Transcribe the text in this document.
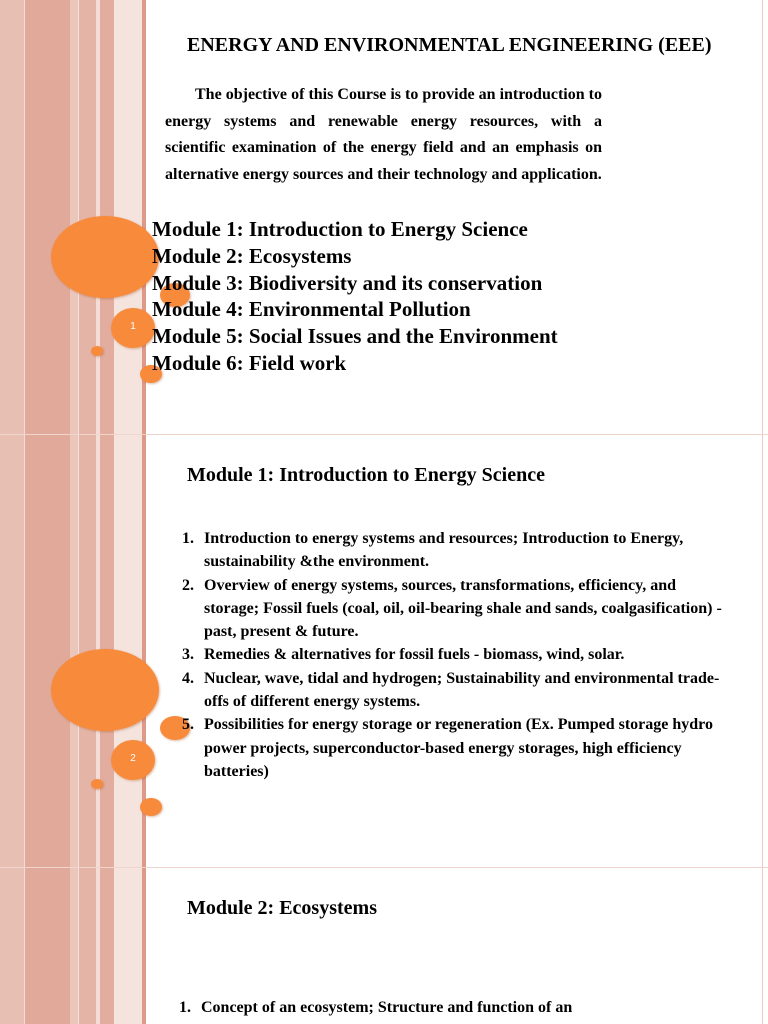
1
ENERGY AND ENVIRONMENTAL ENGINEERING (EEE)

The objective of this Course is to provide an introduction to energy systems and renewable energy resources, with a scientific examination of the energy field and an emphasis on alternative energy sources and their technology and application.

Module 1: Introduction to Energy Science
Module 2: Ecosystems
Module 3: Biodiversity and its conservation
Module 4: Environmental Pollution
Module 5: Social Issues and the Environment
Module 6: Field work
2
Module 1: Introduction to Energy Science
1. Introduction to energy systems and resources; Introduction to Energy, sustainability &the environment.
2. Overview of energy systems, sources, transformations, efficiency, and storage; Fossil fuels (coal, oil, oil-bearing shale and sands, coalgasification) -past, present & future.
3. Remedies & alternatives for fossil fuels - biomass, wind, solar.
4. Nuclear, wave, tidal and hydrogen; Sustainability and environmental trade-offs of different energy systems.
5. Possibilities for energy storage or regeneration (Ex. Pumped storage hydro power projects, superconductor-based energy storages, high efficiency batteries)
Module 2: Ecosystems
1. Concept of an ecosystem; Structure and function of an
